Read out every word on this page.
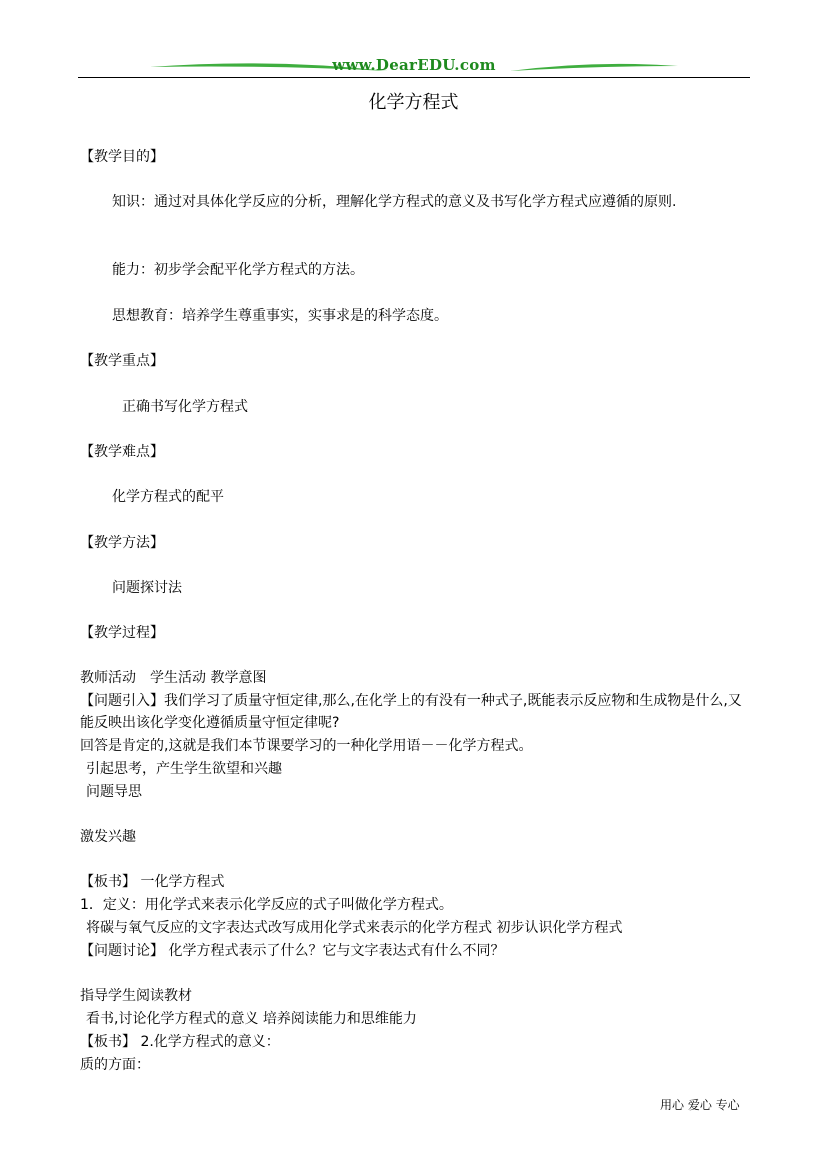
www.DearEDU.com
化学方程式
【教学目的】
知识：通过对具体化学反应的分析，理解化学方程式的意义及书写化学方程式应遵循的原则.
能力：初步学会配平化学方程式的方法。
思想教育：培养学生尊重事实，实事求是的科学态度。
【教学重点】
正确书写化学方程式
【教学难点】
化学方程式的配平
【教学方法】
问题探讨法
【教学过程】
教师活动　学生活动 教学意图
【问题引入】我们学习了质量守恒定律,那么,在化学上的有没有一种式子,既能表示反应物和生成物是什么,又能反映出该化学变化遵循质量守恒定律呢?
回答是肯定的,这就是我们本节课要学习的一种化学用语－－化学方程式。
引起思考，产生学生欲望和兴趣
问题导思
激发兴趣
【板书】 一化学方程式
1．定义：用化学式来表示化学反应的式子叫做化学方程式。
将碳与氧气反应的文字表达式改写成用化学式来表示的化学方程式 初步认识化学方程式
【问题讨论】 化学方程式表示了什么？它与文字表达式有什么不同？
指导学生阅读教材
看书,讨论化学方程式的意义 培养阅读能力和思维能力
【板书】 2.化学方程式的意义：
质的方面：
用心 爱心 专心
